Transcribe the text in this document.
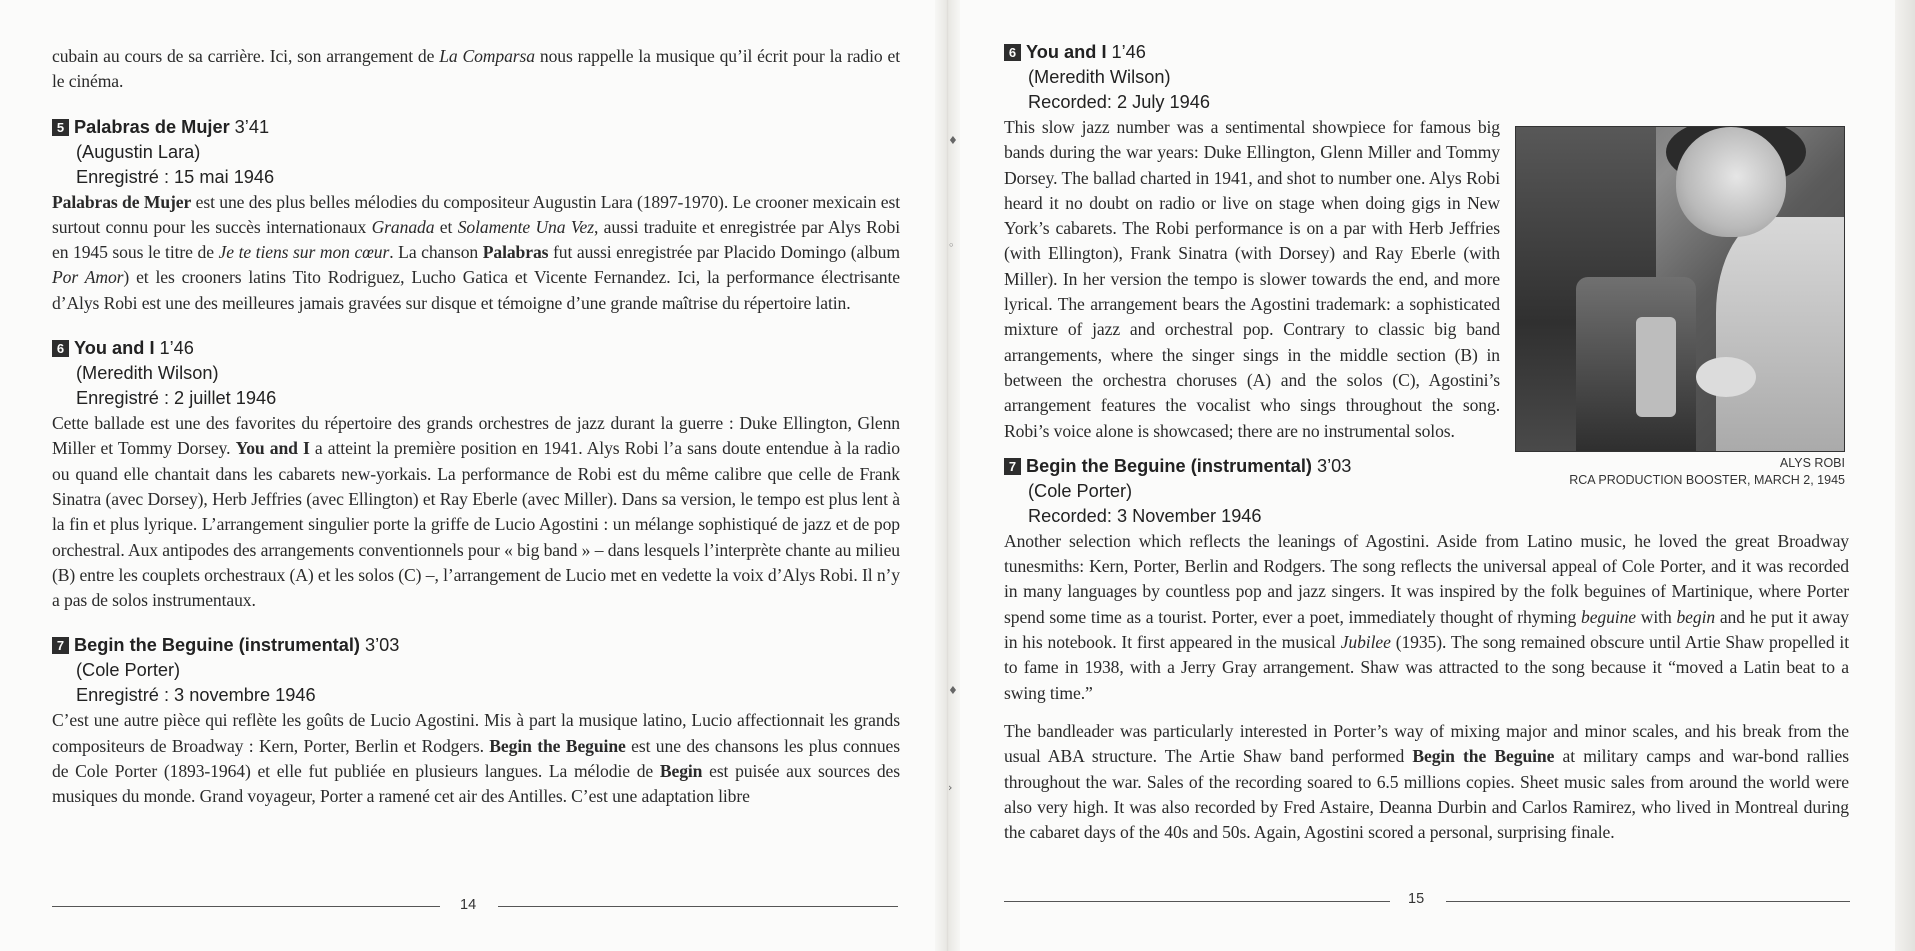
♦
◦
♦
›

cubain au cours de sa carrière. Ici, son arrangement de La Comparsa nous rappelle la musique qu’il écrit pour la radio et le cinéma.

5 Palabras de Mujer 3’41
(Augustin Lara)
Enregistré : 15 mai 1946

Palabras de Mujer est une des plus belles mélodies du compositeur Augustin Lara (1897-1970). Le crooner mexicain est surtout connu pour les succès internationaux Granada et Solamente Una Vez, aussi traduite et enregistrée par Alys Robi en 1945 sous le titre de Je te tiens sur mon cœur. La chanson Palabras fut aussi enregistrée par Placido Domingo (album Por Amor) et les crooners latins Tito Rodriguez, Lucho Gatica et Vicente Fernandez. Ici, la performance électrisante d’Alys Robi est une des meilleures jamais gravées sur disque et témoigne d’une grande maîtrise du répertoire latin.

6 You and I 1’46
(Meredith Wilson)
Enregistré : 2 juillet 1946

Cette ballade est une des favorites du répertoire des grands orchestres de jazz durant la guerre : Duke Ellington, Glenn Miller et Tommy Dorsey. You and I a atteint la première position en 1941. Alys Robi l’a sans doute entendue à la radio ou quand elle chantait dans les cabarets new-yorkais. La performance de Robi est du même calibre que celle de Frank Sinatra (avec Dorsey), Herb Jeffries (avec Ellington) et Ray Eberle (avec Miller). Dans sa version, le tempo est plus lent à la fin et plus lyrique. L’arrangement singulier porte la griffe de Lucio Agostini : un mélange sophistiqué de jazz et de pop orchestral. Aux antipodes des arrangements conventionnels pour « big band » – dans lesquels l’interprète chante au milieu (B) entre les couplets orchestraux (A) et les solos (C) –, l’arrangement de Lucio met en vedette la voix d’Alys Robi. Il n’y a pas de solos instrumentaux.

7 Begin the Beguine (instrumental) 3’03
(Cole Porter)
Enregistré : 3 novembre 1946

C’est une autre pièce qui reflète les goûts de Lucio Agostini. Mis à part la musique latino, Lucio affectionnait les grands compositeurs de Broadway : Kern, Porter, Berlin et Rodgers. Begin the Beguine est une des chansons les plus connues de Cole Porter (1893-1964) et elle fut publiée en plusieurs langues. La mélodie de Begin est puisée aux sources des musiques du monde. Grand voyageur, Porter a ramené cet air des Antilles. C’est une adaptation libre

14
6 You and I 1’46
(Meredith Wilson)
Recorded: 2 July 1946

This slow jazz number was a sentimental showpiece for famous big bands during the war years: Duke Ellington, Glenn Miller and Tommy Dorsey. The ballad charted in 1941, and shot to number one. Alys Robi heard it no doubt on radio or live on stage when doing gigs in New York’s cabarets. The Robi performance is on a par with Herb Jeffries (with Ellington), Frank Sinatra (with Dorsey) and Ray Eberle (with Miller). In her version the tempo is slower towards the end, and more lyrical. The arrangement bears the Agostini trademark: a sophisticated mixture of jazz and orchestral pop. Contrary to classic big band arrangements, where the singer sings in the middle section (B) in between the orchestra choruses (A) and the solos (C), Agostini’s arrangement features the vocalist who sings throughout the song. Robi’s voice alone is showcased; there are no instrumental solos.

7 Begin the Beguine (instrumental) 3’03
(Cole Porter)
Recorded: 3 November 1946

Another selection which reflects the leanings of Agostini. Aside from Latino music, he loved the great Broadway tunesmiths: Kern, Porter, Berlin and Rodgers. The song reflects the universal appeal of Cole Porter, and it was recorded in many languages by countless pop and jazz singers. It was inspired by the folk beguines of Martinique, where Porter spend some time as a tourist. Porter, ever a poet, immediately thought of rhyming beguine with begin and he put it away in his notebook. It first appeared in the musical Jubilee (1935). The song remained obscure until Artie Shaw propelled it to fame in 1938, with a Jerry Gray arrangement. Shaw was attracted to the song because it “moved a Latin beat to a swing time.”

The bandleader was particularly interested in Porter’s way of mixing major and minor scales, and his break from the usual ABA structure. The Artie Shaw band performed Begin the Beguine at military camps and war-bond rallies throughout the war. Sales of the recording soared to 6.5 millions copies. Sheet music sales from around the world were also very high. It was also recorded by Fred Astaire, Deanna Durbin and Carlos Ramirez, who lived in Montreal during the cabaret days of the 40s and 50s. Again, Agostini scored a personal, surprising finale.

ALYS ROBI
RCA PRODUCTION BOOSTER, MARCH 2, 1945
15
